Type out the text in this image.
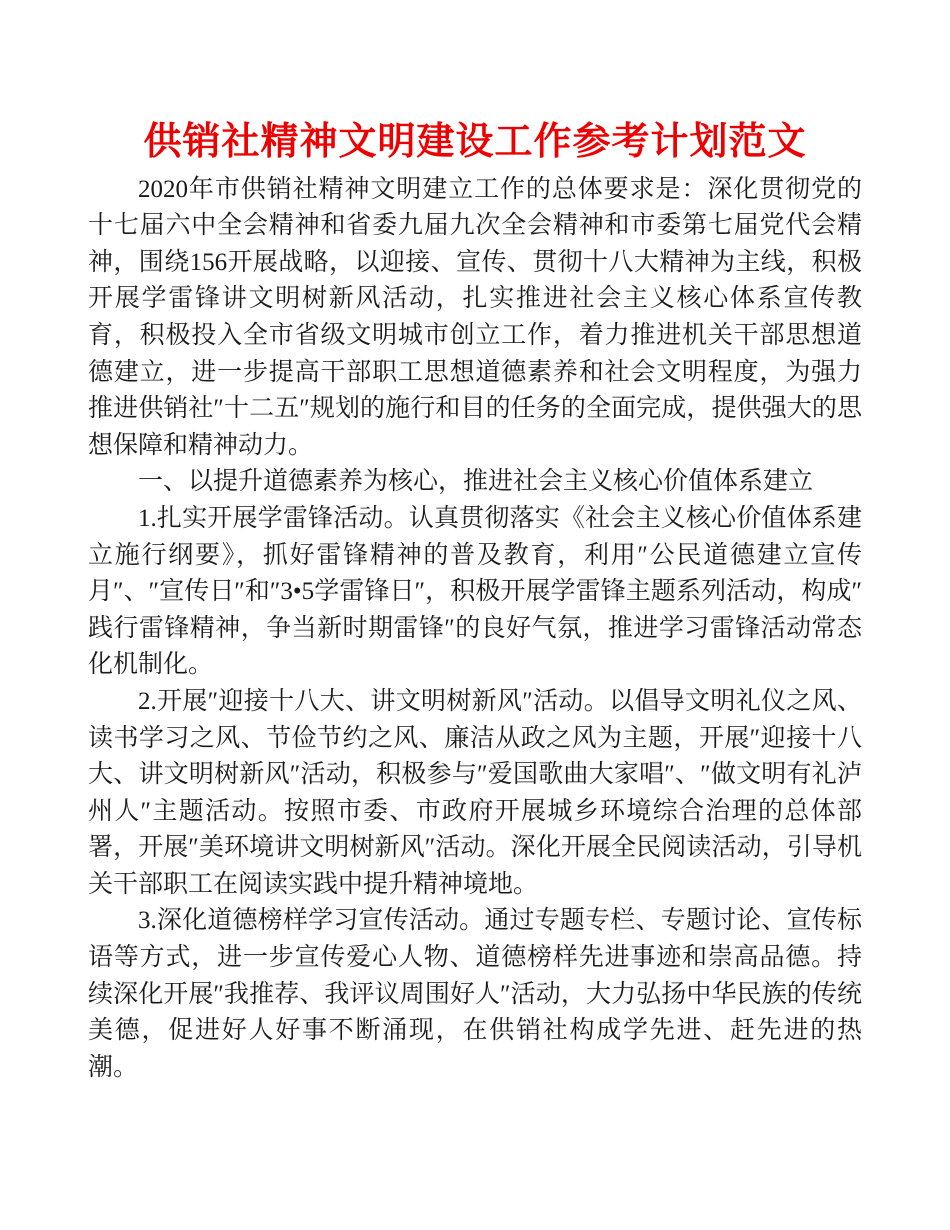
供销社精神文明建设工作参考计划范文

2020年市供销社精神文明建立工作的总体要求是：深化贯彻党的十七届六中全会精神和省委九届九次全会精神和市委第七届党代会精神，围绕156开展战略，以迎接、宣传、贯彻十八大精神为主线，积极开展学雷锋讲文明树新风活动，扎实推进社会主义核心体系宣传教育，积极投入全市省级文明城市创立工作，着力推进机关干部思想道德建立，进一步提高干部职工思想道德素养和社会文明程度，为强力推进供销社″十二五″规划的施行和目的任务的全面完成，提供强大的思想保障和精神动力。

一、以提升道德素养为核心，推进社会主义核心价值体系建立

1.扎实开展学雷锋活动。认真贯彻落实《社会主义核心价值体系建立施行纲要》，抓好雷锋精神的普及教育，利用″公民道德建立宣传月″、″宣传日″和″3•5学雷锋日″，积极开展学雷锋主题系列活动，构成″践行雷锋精神，争当新时期雷锋″的良好气氛，推进学习雷锋活动常态化机制化。

2.开展″迎接十八大、讲文明树新风″活动。以倡导文明礼仪之风、读书学习之风、节俭节约之风、廉洁从政之风为主题，开展″迎接十八大、讲文明树新风″活动，积极参与″爱国歌曲大家唱″、″做文明有礼泸州人″主题活动。按照市委、市政府开展城乡环境综合治理的总体部署，开展″美环境讲文明树新风″活动。深化开展全民阅读活动，引导机关干部职工在阅读实践中提升精神境地。

3.深化道德榜样学习宣传活动。通过专题专栏、专题讨论、宣传标语等方式，进一步宣传爱心人物、道德榜样先进事迹和崇高品德。持续深化开展″我推荐、我评议周围好人″活动，大力弘扬中华民族的传统美德，促进好人好事不断涌现，在供销社构成学先进、赶先进的热潮。
